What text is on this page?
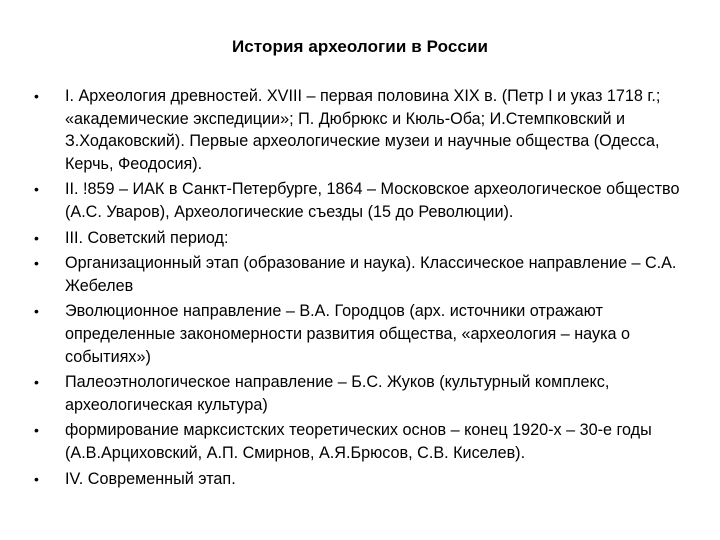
История археологии в России
• I. Археология древностей. XVIII – первая половина XIX в. (Петр I и указ 1718 г.; «академические экспедиции»; П. Дюбрюкс и Кюль-Оба; И.Стемпковский и З.Ходаковский). Первые археологические музеи и научные общества (Одесса, Керчь, Феодосия).
• II. !859 – ИАК в Санкт-Петербурге, 1864 – Московское археологическое общество (А.С. Уваров), Археологические съезды (15 до Революции).
• III. Советский период:
• Организационный этап (образование и наука). Классическое направление – С.А. Жебелев
• Эволюционное направление – В.А. Городцов (арх. источники отражают определенные закономерности развития общества, «археология – наука о событиях»)
• Палеоэтнологическое направление – Б.С. Жуков (культурный комплекс, археологическая культура)
• формирование марксистских теоретических основ – конец 1920-х – 30-е годы (А.В.Арциховский, А.П. Смирнов, А.Я.Брюсов, С.В. Киселев).
• IV. Современный этап.
